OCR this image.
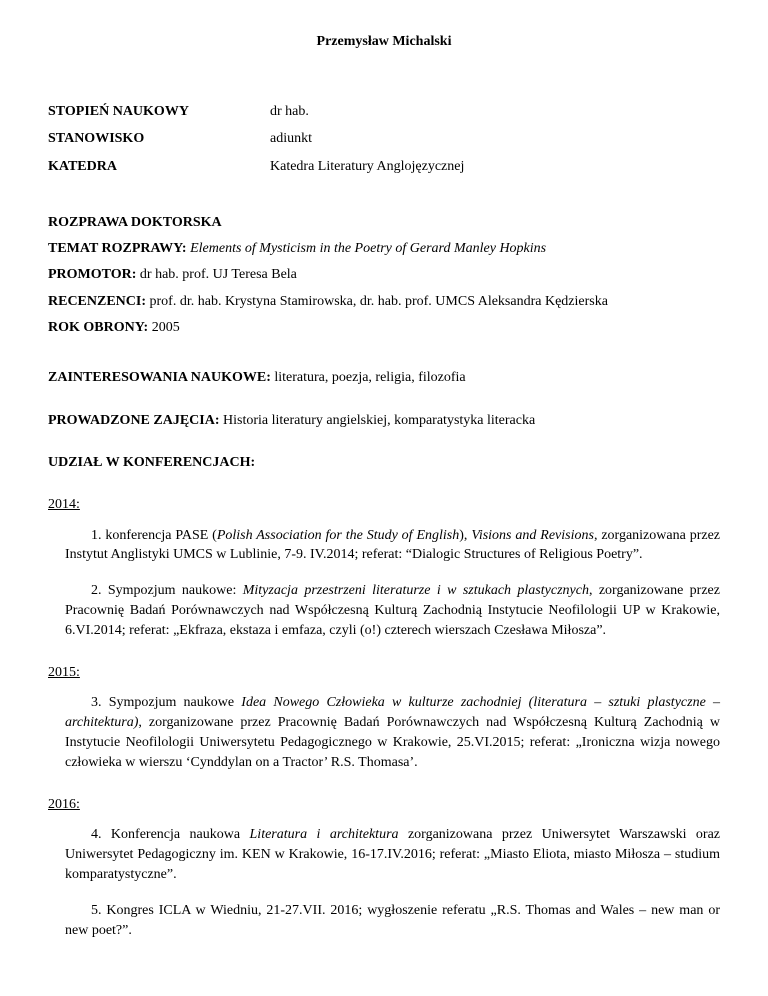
Przemysław Michalski
STOPIEŃ NAUKOWY	dr hab.
STANOWISKO	adiunkt
KATEDRA	Katedra Literatury Anglojęzycznej
ROZPRAWA DOKTORSKA
TEMAT ROZPRAWY: Elements of Mysticism in the Poetry of Gerard Manley Hopkins
PROMOTOR: dr hab. prof. UJ Teresa Bela
RECENZENCI: prof. dr. hab. Krystyna Stamirowska, dr. hab. prof. UMCS Aleksandra Kędzierska
ROK OBRONY: 2005
ZAINTERESOWANIA NAUKOWE: literatura, poezja, religia, filozofia
PROWADZONE ZAJĘCIA: Historia literatury angielskiej, komparatystyka literacka
UDZIAŁ W KONFERENCJACH:
2014:

1. konferencja PASE (Polish Association for the Study of English), Visions and Revisions, zorganizowana przez Instytut Anglistyki UMCS w Lublinie, 7-9. IV.2014; referat: “Dialogic Structures of Religious Poetry”.

2. Sympozjum naukowe: Mityzacja przestrzeni literaturze i w sztukach plastycznych, zorganizowane przez Pracownię Badań Porównawczych nad Współczesną Kulturą Zachodnią Instytucie Neofilologii UP w Krakowie, 6.VI.2014; referat: „Ekfraza, ekstaza i emfaza, czyli (o!) czterech wierszach Czesława Miłosza”.

2015:

3. Sympozjum naukowe Idea Nowego Człowieka w kulturze zachodniej (literatura – sztuki plastyczne – architektura), zorganizowane przez Pracownię Badań Porównawczych nad Współczesną Kulturą Zachodnią w Instytucie Neofilologii Uniwersytetu Pedagogicznego w Krakowie, 25.VI.2015; referat: „Ironiczna wizja nowego człowieka w wierszu ‘Cynddylan on a Tractor’ R.S. Thomasa’.

2016:

4. Konferencja naukowa Literatura i architektura zorganizowana przez Uniwersytet Warszawski oraz Uniwersytet Pedagogiczny im. KEN w Krakowie, 16-17.IV.2016; referat: „Miasto Eliota, miasto Miłosza – studium komparatystyczne”.

5. Kongres ICLA w Wiedniu, 21-27.VII. 2016; wygłoszenie referatu „R.S. Thomas and Wales – new man or new poet?”.
